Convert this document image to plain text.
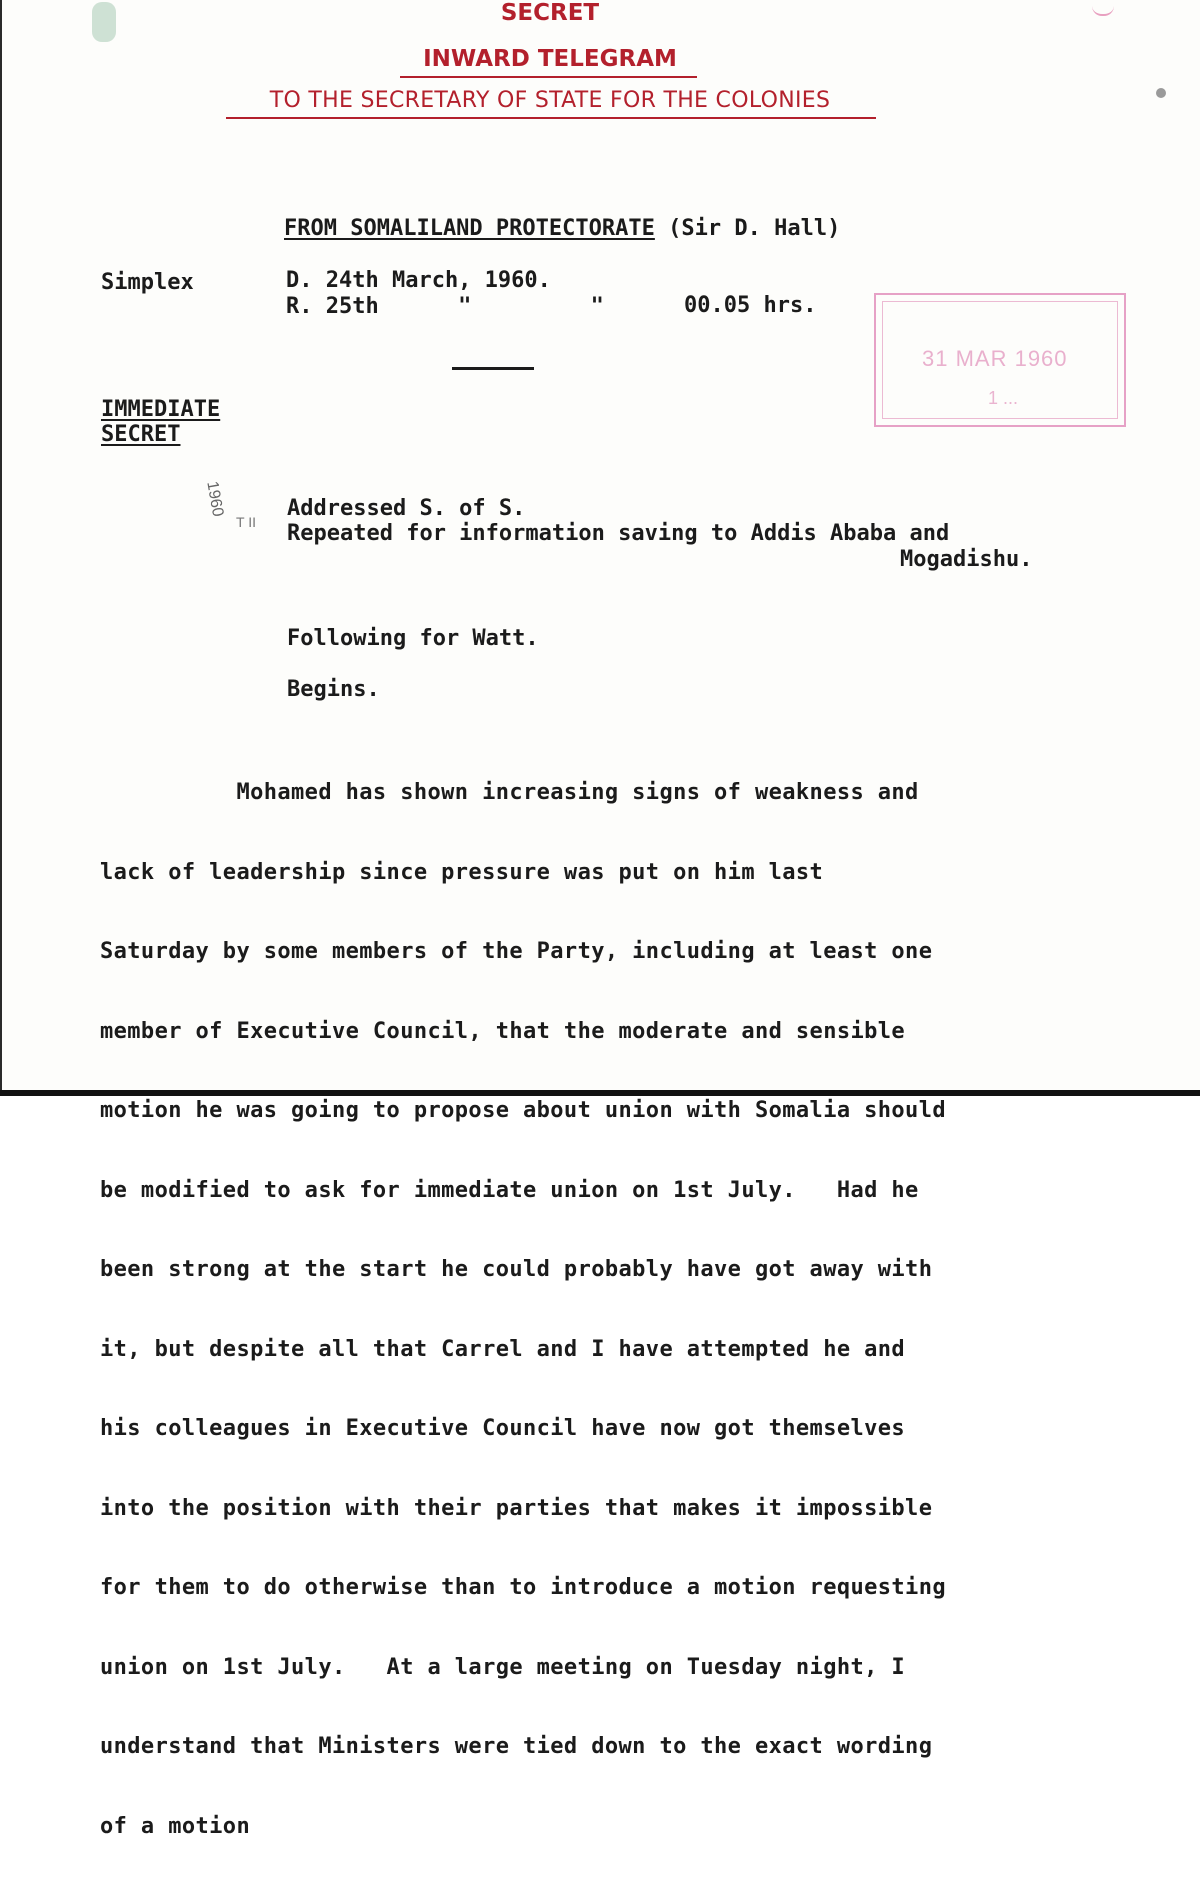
SECRET
INWARD TELEGRAM
TO THE SECRETARY OF STATE FOR THE COLONIES
FROM SOMALILAND PROTECTORATE (Sir D. Hall)
Simplex	D. 24th March, 1960.
R. 25th      "         "	00.05 hrs.
31 MAR 1960
1 ...
IMMEDIATE
SECRET
1960
T II
Addressed S. of S.
Repeated for information saving to Addis Ababa and
Mogadishu.
Following for Watt.
Begins.

Mohamed has shown increasing signs of weakness and

lack of leadership since pressure was put on him last

Saturday by some members of the Party, including at least one

member of Executive Council, that the moderate and sensible

motion he was going to propose about union with Somalia should

be modified to ask for immediate union on 1st July.   Had he

been strong at the start he could probably have got away with

it, but despite all that Carrel and I have attempted he and

his colleagues in Executive Council have now got themselves

into the position with their parties that makes it impossible

for them to do otherwise than to introduce a motion requesting

union on 1st July.   At a large meeting on Tuesday night, I

understand that Ministers were tied down to the exact wording

of a motion
